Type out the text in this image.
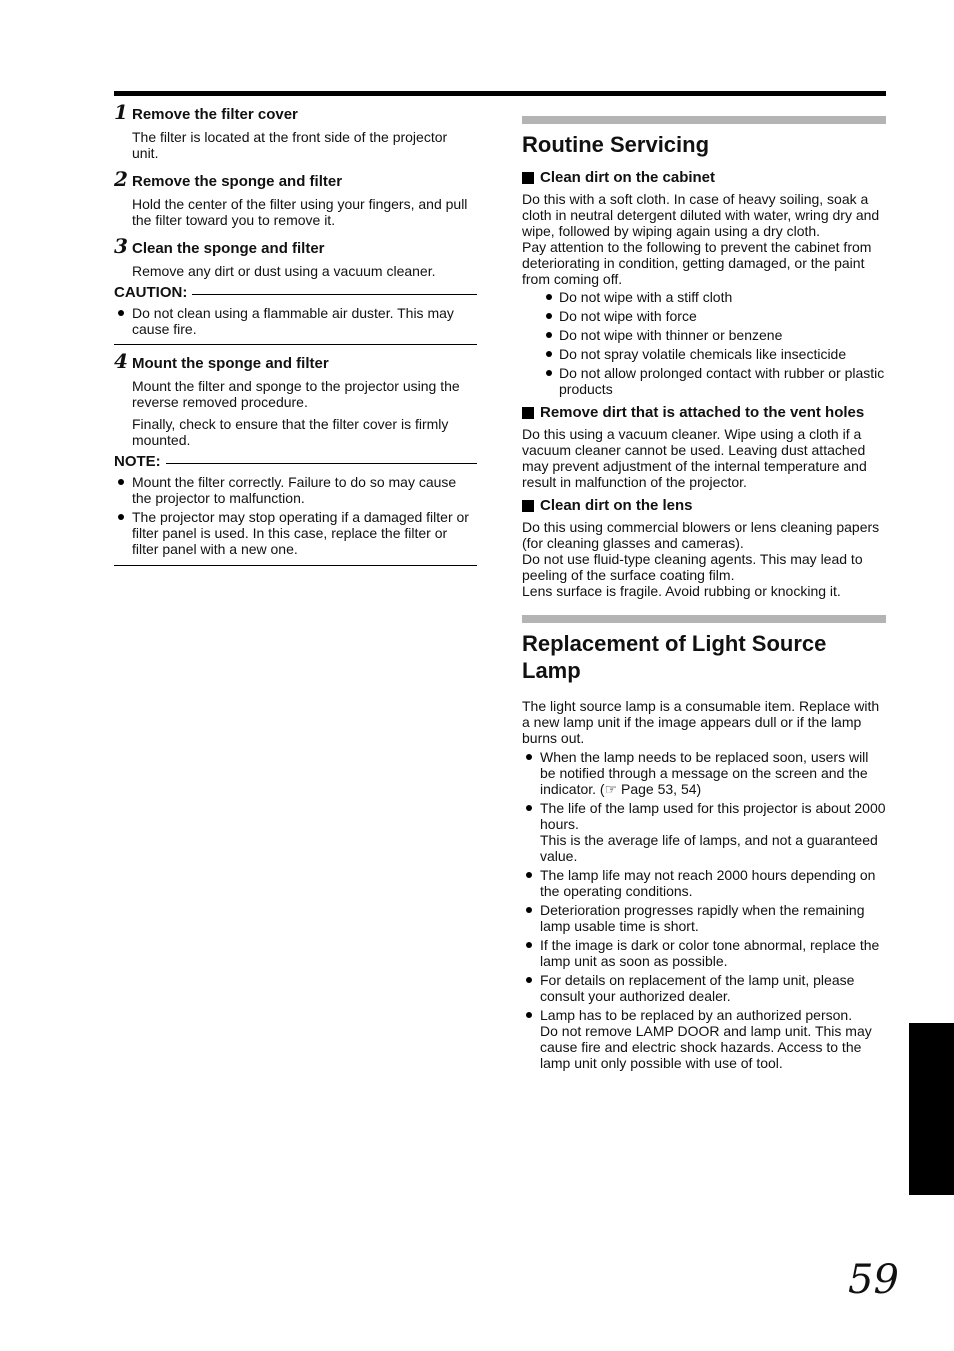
1 Remove the filter cover

The filter is located at the front side of the projector unit.

2 Remove the sponge and filter

Hold the center of the filter using your fingers, and pull the filter toward you to remove it.

3 Clean the sponge and filter

Remove any dirt or dust using a vacuum cleaner.

CAUTION:
Do not clean using a flammable air duster. This may cause fire.
4 Mount the sponge and filter

Mount the filter and sponge to the projector using the reverse removed procedure.

Finally, check to ensure that the filter cover is firmly mounted.

NOTE:
Mount the filter correctly. Failure to do so may cause the projector to malfunction.
The projector may stop operating if a damaged filter or filter panel is used. In this case, replace the filter or filter panel with a new one.
Routine Servicing
Clean dirt on the cabinet
Do this with a soft cloth. In case of heavy soiling, soak a cloth in neutral detergent diluted with water, wring dry and wipe, followed by wiping again using a dry cloth.
Pay attention to the following to prevent the cabinet from deteriorating in condition, getting damaged, or the paint from coming off.
Do not wipe with a stiff cloth
Do not wipe with force
Do not wipe with thinner or benzene
Do not spray volatile chemicals like insecticide
Do not allow prolonged contact with rubber or plastic products
Remove dirt that is attached to the vent holes
Do this using a vacuum cleaner. Wipe using a cloth if a vacuum cleaner cannot be used. Leaving dust attached may prevent adjustment of the internal temperature and result in malfunction of the projector.
Clean dirt on the lens
Do this using commercial blowers or lens cleaning papers (for cleaning glasses and cameras).
Do not use fluid-type cleaning agents. This may lead to peeling of the surface coating film.
Lens surface is fragile. Avoid rubbing or knocking it.
Replacement of Light Source Lamp
The light source lamp is a consumable item. Replace with a new lamp unit if the image appears dull or if the lamp burns out.
When the lamp needs to be replaced soon, users will be notified through a message on the screen and the indicator. (☞ Page 53, 54)
The life of the lamp used for this projector is about 2000 hours.
This is the average life of lamps, and not a guaranteed value.
The lamp life may not reach 2000 hours depending on the operating conditions.
Deterioration progresses rapidly when the remaining lamp usable time is short.
If the image is dark or color tone abnormal, replace the lamp unit as soon as possible.
For details on replacement of the lamp unit, please consult your authorized dealer.
Lamp has to be replaced by an authorized person.
Do not remove LAMP DOOR and lamp unit. This may cause fire and electric shock hazards. Access to the lamp unit only possible with use of tool.
59
